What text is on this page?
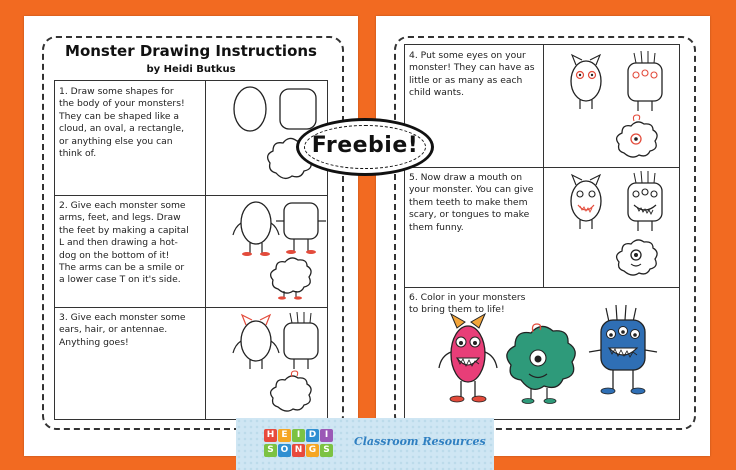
Monster Drawing Instructions
by Heidi Butkus
1. Draw some shapes for
the body of your monsters!
They can be shaped like a
cloud, an oval, a rectangle,
or anything else you can
think of.
2. Give each monster some
arms, feet, and legs. Draw
the feet by making a capital
L and then drawing a hot-
dog on the bottom of it!
The arms can be a smile or
a lower case T on it's side.
3. Give each monster some
ears, hair, or antennae.
Anything goes!
4. Put some eyes on your
monster! They can have as
little or as many as each
child wants.
5. Now draw a mouth on
your monster. You can give
them teeth to make them
scary, or tongues to make
them funny.
6. Color in your monsters
to bring them to life!
Freebie!
H E	I D I
S O N G S
Classroom Resources
